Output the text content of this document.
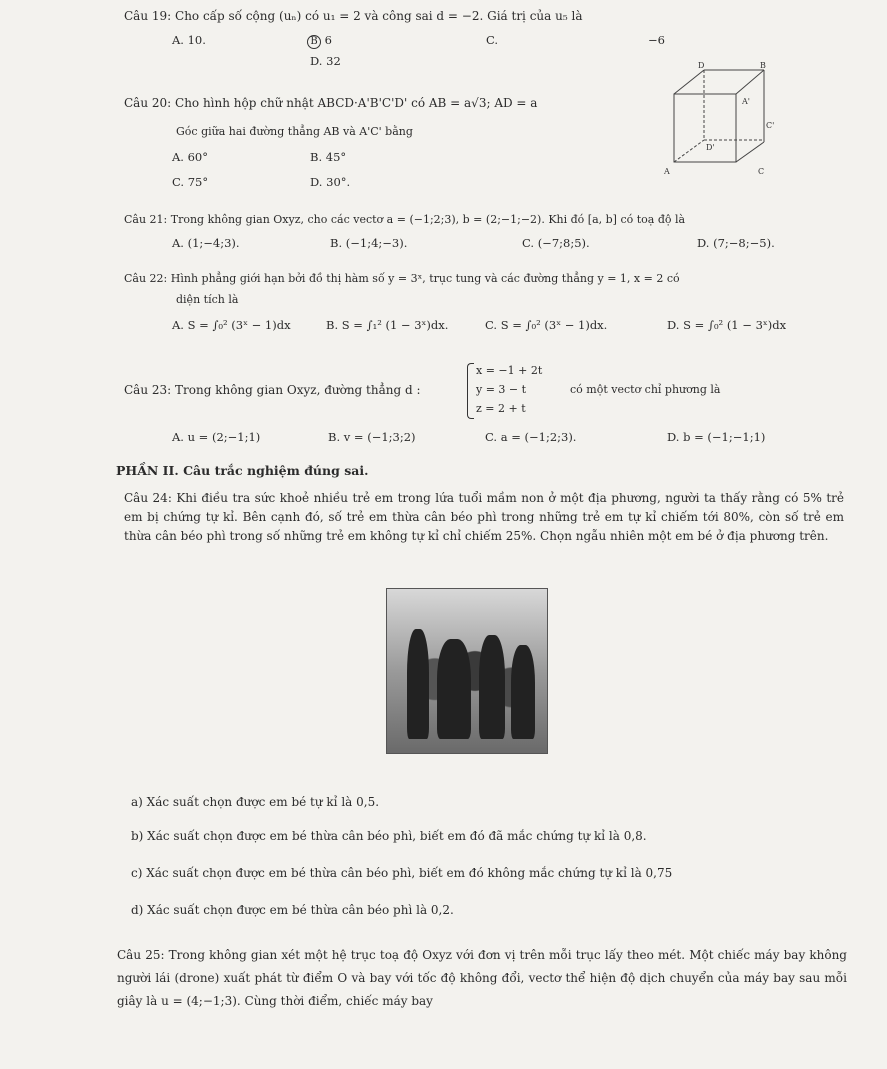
Câu 19: Cho cấp số cộng (uₙ) có u₁ = 2 và công sai d = −2. Giá trị của u₅ là
A. 10.	B 6	C.	−6
D. 32
Câu 20: Cho hình hộp chữ nhật ABCD·A'B'C'D' có AB = a√3; AD = a
Góc giữa hai đường thẳng AB và A'C' bằng
A. 60°	B. 45°
C. 75°	D. 30°.
D	B
A'
C'
D'
A	C
Câu 21: Trong không gian Oxyz, cho các vectơ a = (−1;2;3), b = (2;−1;−2). Khi đó [a, b] có toạ độ là
A. (1;−4;3).	B. (−1;4;−3).	C. (−7;8;5).	D. (7;−8;−5).
Câu 22: Hình phẳng giới hạn bởi đồ thị hàm số y = 3ˣ, trục tung và các đường thẳng y = 1, x = 2 có
diện tích là
A. S = ∫₀² (3ˣ − 1)dx	B. S = ∫₁² (1 − 3ˣ)dx.	C. S = ∫₀² (3ˣ − 1)dx.	D. S = ∫₀² (1 − 3ˣ)dx
Câu 23: Trong không gian Oxyz, đường thẳng d :
x = −1 + 2t
y = 3 − t
z = 2 + t
có một vectơ chỉ phương là
A. u = (2;−1;1)	B. v = (−1;3;2)	C. a = (−1;2;3).	D. b = (−1;−1;1)
PHẦN II. Câu trắc nghiệm đúng sai.
Câu 24: Khi điều tra sức khoẻ nhiều trẻ em trong lứa tuổi mầm non ở một địa phương, người ta thấy rằng có 5% trẻ em bị chứng tự kỉ. Bên cạnh đó, số trẻ em thừa cân béo phì trong những trẻ em tự kỉ chiếm tới 80%, còn số trẻ em thừa cân béo phì trong số những trẻ em không tự kỉ chỉ chiếm 25%. Chọn ngẫu nhiên một em bé ở địa phương trên.
a) Xác suất chọn được em bé tự kỉ là 0,5.
b) Xác suất chọn được em bé thừa cân béo phì, biết em đó đã mắc chứng tự kỉ là 0,8.
c) Xác suất chọn được em bé thừa cân béo phì, biết em đó không mắc chứng tự kỉ là 0,75
d) Xác suất chọn được em bé thừa cân béo phì là 0,2.
Câu 25: Trong không gian xét một hệ trục toạ độ Oxyz với đơn vị trên mỗi trục lấy theo mét. Một chiếc máy bay không người lái (drone) xuất phát từ điểm O và bay với tốc độ không đổi, vectơ thể hiện độ dịch chuyển của máy bay sau mỗi giây là u = (4;−1;3). Cùng thời điểm, chiếc máy bay
